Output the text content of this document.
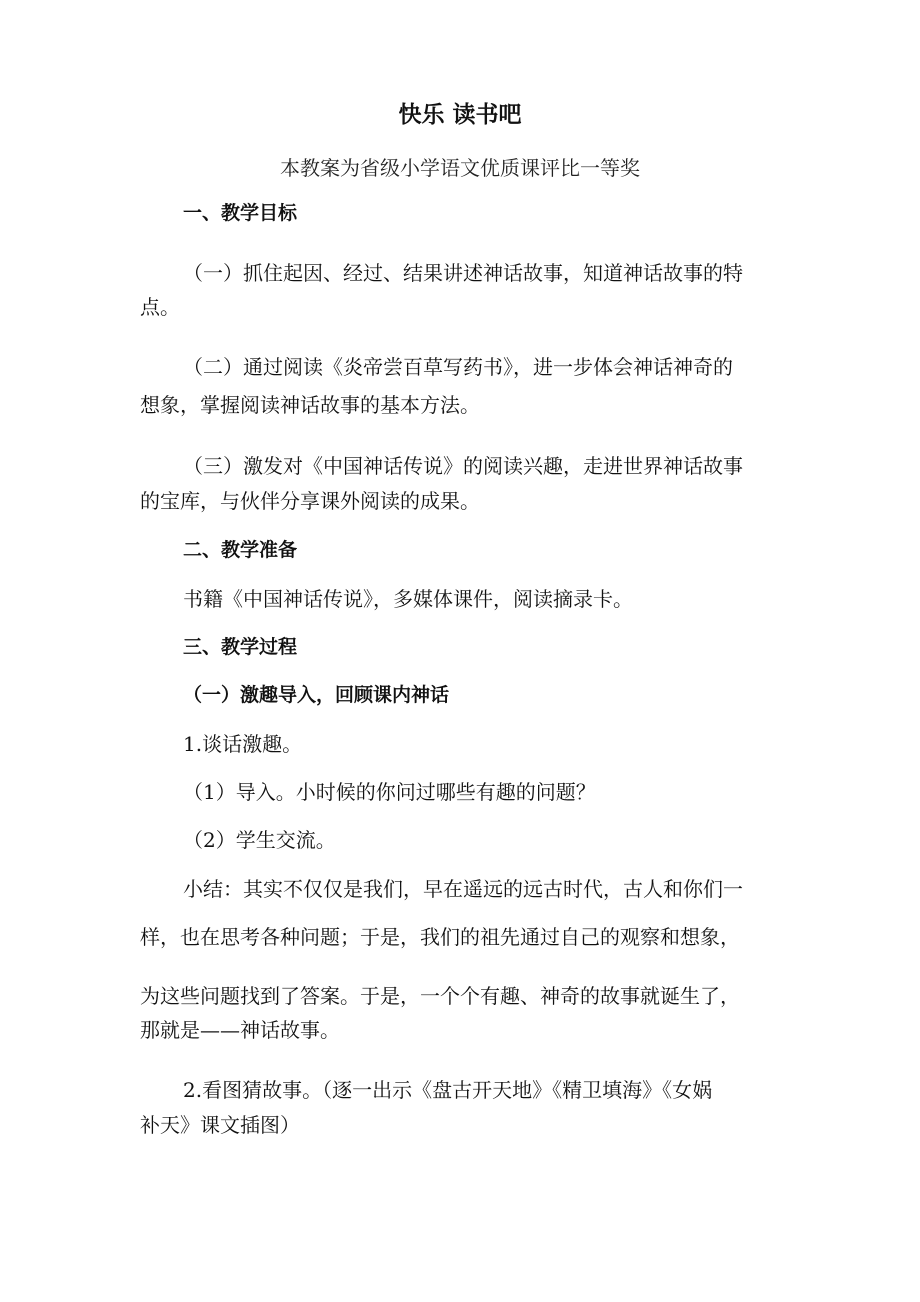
快乐 读书吧
本教案为省级小学语文优质课评比一等奖
一、教学目标
（一）抓住起因、经过、结果讲述神话故事，知道神话故事的特
点。
（二）通过阅读《炎帝尝百草写药书》，进一步体会神话神奇的
想象，掌握阅读神话故事的基本方法。
（三）激发对《中国神话传说》的阅读兴趣，走进世界神话故事
的宝库，与伙伴分享课外阅读的成果。
二、教学准备
书籍《中国神话传说》，多媒体课件，阅读摘录卡。
三、教学过程
（一）激趣导入，回顾课内神话
1.谈话激趣。
（1）导入。小时候的你问过哪些有趣的问题？
（2）学生交流。
小结：其实不仅仅是我们，早在遥远的远古时代，古人和你们一
样，也在思考各种问题；于是，我们的祖先通过自己的观察和想象，
为这些问题找到了答案。于是，一个个有趣、神奇的故事就诞生了，
那就是——神话故事。
2.看图猜故事。（逐一出示《盘古开天地》《精卫填海》《女娲
补天》课文插图）
